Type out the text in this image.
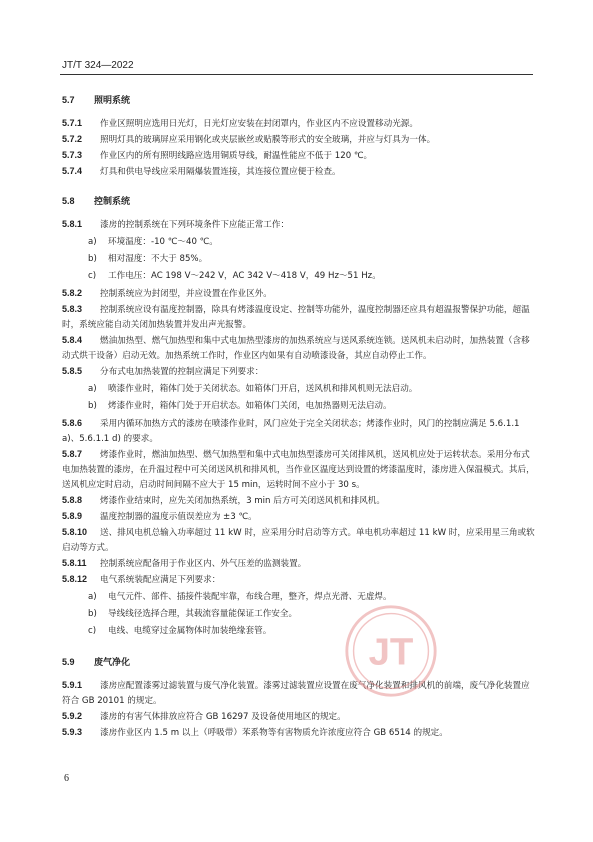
JT/T 324—2022
5.7 照明系统

5.7.1 作业区照明应选用日光灯，日光灯应安装在封闭罩内，作业区内不应设置移动光源。

5.7.2 照明灯具的玻璃屏应采用钢化或夹层嵌丝或贴膜等形式的安全玻璃，并应与灯具为一体。

5.7.3 作业区内的所有照明线路应选用铜质导线，耐温性能应不低于 120 ℃。

5.7.4 灯具和供电导线应采用隔爆装置连接，其连接位置应便于检查。

5.8 控制系统

5.8.1 漆房的控制系统在下列环境条件下应能正常工作：

a) 环境温度：-10 ℃～40 ℃。

b) 相对湿度：不大于 85%。

c) 工作电压：AC 198 V～242 V，AC 342 V～418 V，49 Hz～51 Hz。

5.8.2 控制系统应为封闭型，并应设置在作业区外。

5.8.3 控制系统应设有温度控制器，除具有烤漆温度设定、控制等功能外，温度控制器还应具有超温报警保护功能，超温时，系统应能自动关闭加热装置并发出声光报警。

5.8.4 燃油加热型、燃气加热型和集中式电加热型漆房的加热系统应与送风系统连锁。送风机未启动时，加热装置（含移动式烘干设备）启动无效。加热系统工作时，作业区内如果有自动喷漆设备，其应自动停止工作。

5.8.5 分布式电加热装置的控制应满足下列要求：

a) 喷漆作业时，箱体门处于关闭状态。如箱体门开启，送风机和排风机则无法启动。

b) 烤漆作业时，箱体门处于开启状态。如箱体门关闭，电加热器则无法启动。

5.8.6 采用内循环加热方式的漆房在喷漆作业时，风门应处于完全关闭状态；烤漆作业时，风门的控制应满足 5.6.1.1 a)、5.6.1.1 d) 的要求。

5.8.7 烤漆作业时，燃油加热型、燃气加热型和集中式电加热型漆房可关闭排风机，送风机应处于运转状态。采用分布式电加热装置的漆房，在升温过程中可关闭送风机和排风机，当作业区温度达到设置的烤漆温度时，漆房进入保温模式。其后，送风机应定时启动，启动时间间隔不应大于 15 min，运转时间不应小于 30 s。

5.8.8 烤漆作业结束时，应先关闭加热系统，3 min 后方可关闭送风机和排风机。

5.8.9 温度控制器的温度示值误差应为 ±3 ℃。

5.8.10 送、排风电机总输入功率超过 11 kW 时，应采用分时启动等方式。单电机功率超过 11 kW 时，应采用星三角或软启动等方式。

5.8.11 控制系统应配备用于作业区内、外气压差的监测装置。

5.8.12 电气系统装配应满足下列要求：

a) 电气元件、部件、插接件装配牢靠，布线合理，整齐，焊点光滑、无虚焊。

b) 导线线径选择合理，其载流容量能保证工作安全。

c) 电线、电缆穿过金属物体时加装绝缘套管。

5.9 废气净化

5.9.1 漆房应配置漆雾过滤装置与废气净化装置。漆雾过滤装置应设置在废气净化装置和排风机的前端，废气净化装置应符合 GB 20101 的规定。

5.9.2 漆房的有害气体排放应符合 GB 16297 及设备使用地区的规定。

5.9.3 漆房作业区内 1.5 m 以上（呼吸带）苯系物等有害物质允许浓度应符合 GB 6514 的规定。

6
JT
